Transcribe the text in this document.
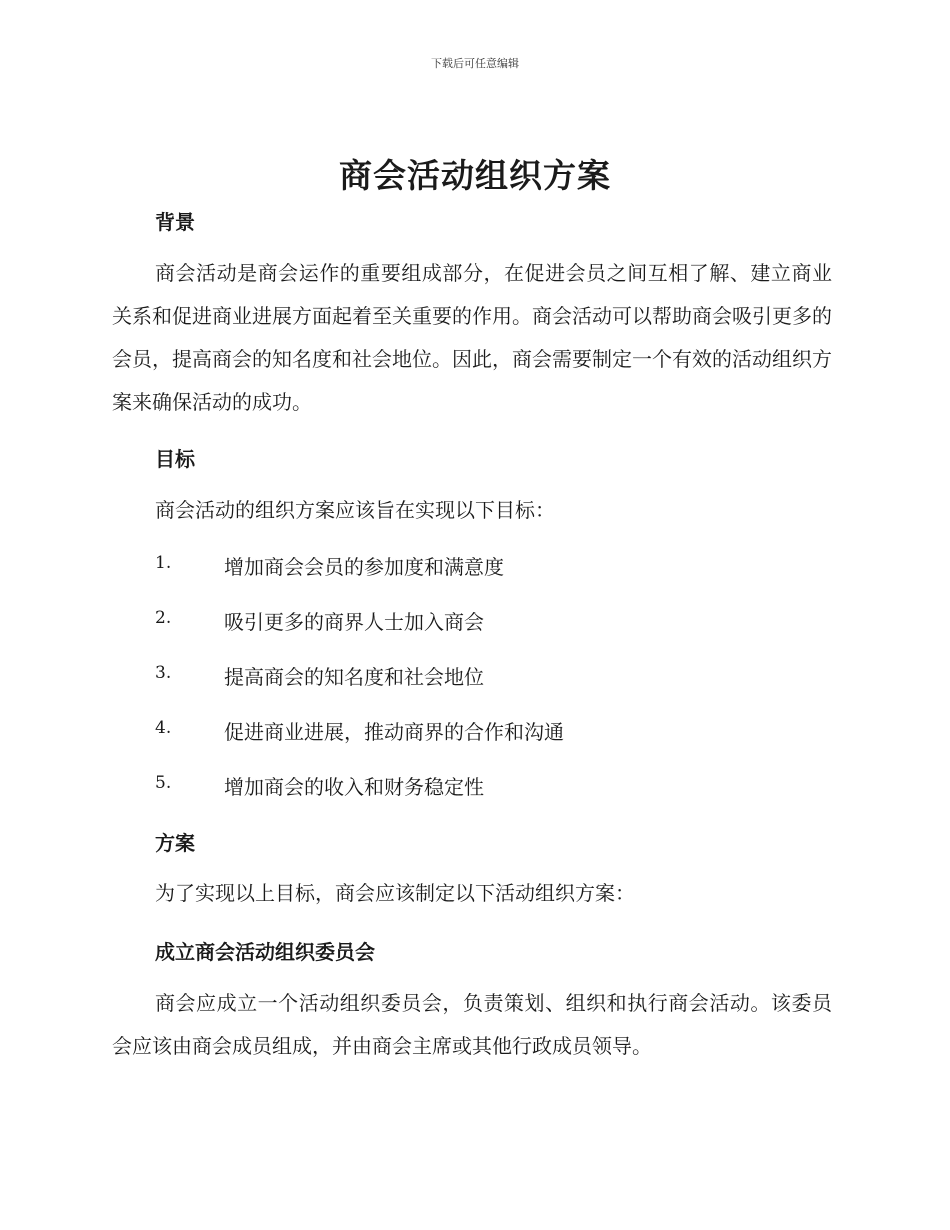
下载后可任意编辑
商会活动组织方案
背景

商会活动是商会运作的重要组成部分，在促进会员之间互相了解、建立商业关系和促进商业进展方面起着至关重要的作用。商会活动可以帮助商会吸引更多的会员，提高商会的知名度和社会地位。因此，商会需要制定一个有效的活动组织方案来确保活动的成功。

目标

商会活动的组织方案应该旨在实现以下目标：

1.	增加商会会员的参加度和满意度
2.	吸引更多的商界人士加入商会
3.	提高商会的知名度和社会地位
4.	促进商业进展，推动商界的合作和沟通
5.	增加商会的收入和财务稳定性
方案

为了实现以上目标，商会应该制定以下活动组织方案：

成立商会活动组织委员会

商会应成立一个活动组织委员会，负责策划、组织和执行商会活动。该委员会应该由商会成员组成，并由商会主席或其他行政成员领导。
